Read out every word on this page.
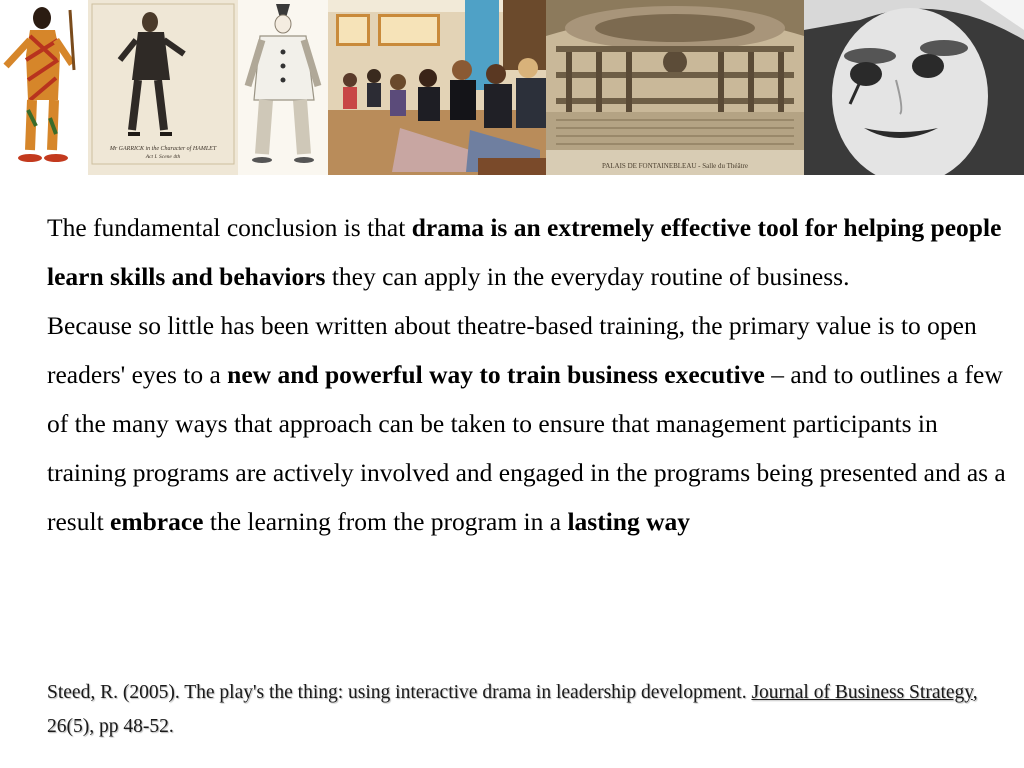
Mr GARRICK in the Character of HAMLET
Act I. Scene 4th
PALAIS DE FONTAINEBLEAU - Salle du Théâtre

The fundamental conclusion is that drama is an extremely effective tool for helping people learn skills and behaviors they can apply in the everyday routine of business.

Because so little has been written about theatre-based training, the primary value is to open readers' eyes to a new and powerful way to train business executive – and to outlines a few of the many ways that approach can be taken to ensure that management participants in training programs are actively involved and engaged in the programs being presented and as a result embrace the learning from the program in a lasting way

Steed, R. (2005). The play's the thing: using interactive drama in leadership development. Journal of Business Strategy, 26(5), pp 48-52.
